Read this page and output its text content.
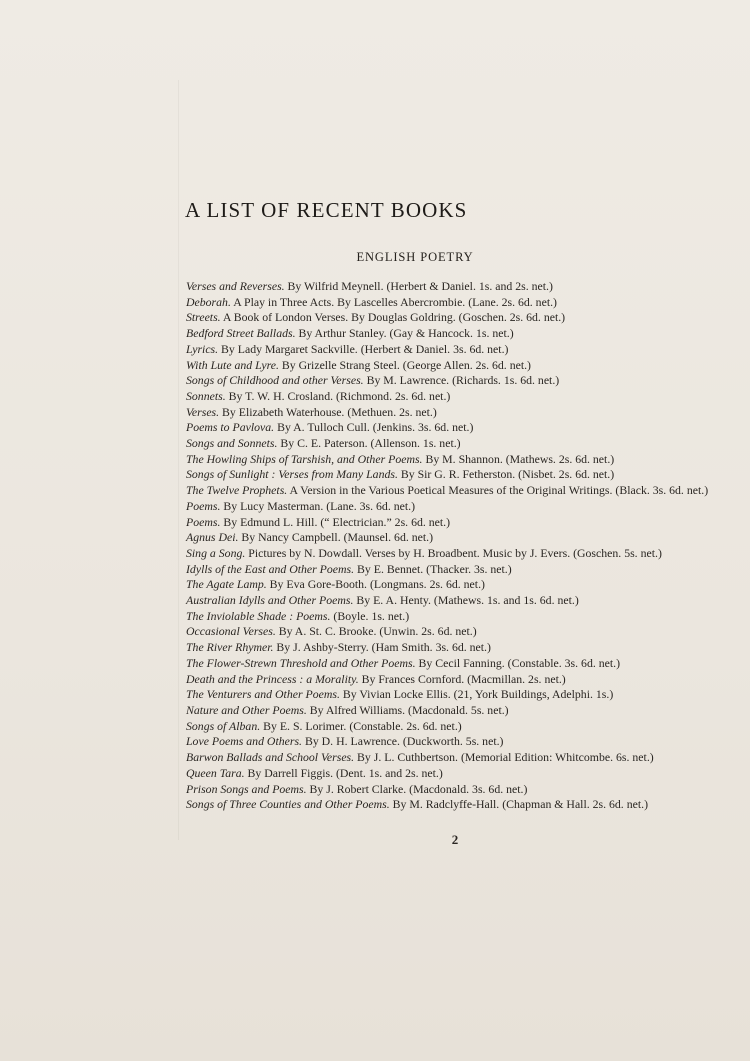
A LIST OF RECENT BOOKS
ENGLISH POETRY
Verses and Reverses. By Wilfrid Meynell. (Herbert & Daniel. 1s. and 2s. net.)
Deborah. A Play in Three Acts. By Lascelles Abercrombie. (Lane. 2s. 6d. net.)
Streets. A Book of London Verses. By Douglas Goldring. (Goschen. 2s. 6d. net.)
Bedford Street Ballads. By Arthur Stanley. (Gay & Hancock. 1s. net.)
Lyrics. By Lady Margaret Sackville. (Herbert & Daniel. 3s. 6d. net.)
With Lute and Lyre. By Grizelle Strang Steel. (George Allen. 2s. 6d. net.)
Songs of Childhood and other Verses. By M. Lawrence. (Richards. 1s. 6d. net.)
Sonnets. By T. W. H. Crosland. (Richmond. 2s. 6d. net.)
Verses. By Elizabeth Waterhouse. (Methuen. 2s. net.)
Poems to Pavlova. By A. Tulloch Cull. (Jenkins. 3s. 6d. net.)
Songs and Sonnets. By C. E. Paterson. (Allenson. 1s. net.)
The Howling Ships of Tarshish, and Other Poems. By M. Shannon. (Mathews. 2s. 6d. net.)
Songs of Sunlight : Verses from Many Lands. By Sir G. R. Fetherston. (Nisbet. 2s. 6d. net.)
The Twelve Prophets. A Version in the Various Poetical Measures of the Original Writings. (Black. 3s. 6d. net.)
Poems. By Lucy Masterman. (Lane. 3s. 6d. net.)
Poems. By Edmund L. Hill. (“ Electrician.” 2s. 6d. net.)
Agnus Dei. By Nancy Campbell. (Maunsel. 6d. net.)
Sing a Song. Pictures by N. Dowdall. Verses by H. Broadbent. Music by J. Evers. (Goschen. 5s. net.)
Idylls of the East and Other Poems. By E. Bennet. (Thacker. 3s. net.)
The Agate Lamp. By Eva Gore-Booth. (Longmans. 2s. 6d. net.)
Australian Idylls and Other Poems. By E. A. Henty. (Mathews. 1s. and 1s. 6d. net.)
The Inviolable Shade : Poems. (Boyle. 1s. net.)
Occasional Verses. By A. St. C. Brooke. (Unwin. 2s. 6d. net.)
The River Rhymer. By J. Ashby-Sterry. (Ham Smith. 3s. 6d. net.)
The Flower-Strewn Threshold and Other Poems. By Cecil Fanning. (Constable. 3s. 6d. net.)
Death and the Princess : a Morality. By Frances Cornford. (Macmillan. 2s. net.)
The Venturers and Other Poems. By Vivian Locke Ellis. (21, York Buildings, Adelphi. 1s.)
Nature and Other Poems. By Alfred Williams. (Macdonald. 5s. net.)
Songs of Alban. By E. S. Lorimer. (Constable. 2s. 6d. net.)
Love Poems and Others. By D. H. Lawrence. (Duckworth. 5s. net.)
Barwon Ballads and School Verses. By J. L. Cuthbertson. (Memorial Edition: Whitcombe. 6s. net.)
Queen Tara. By Darrell Figgis. (Dent. 1s. and 2s. net.)
Prison Songs and Poems. By J. Robert Clarke. (Macdonald. 3s. 6d. net.)
Songs of Three Counties and Other Poems. By M. Radclyffe-Hall. (Chapman & Hall. 2s. 6d. net.)
2
